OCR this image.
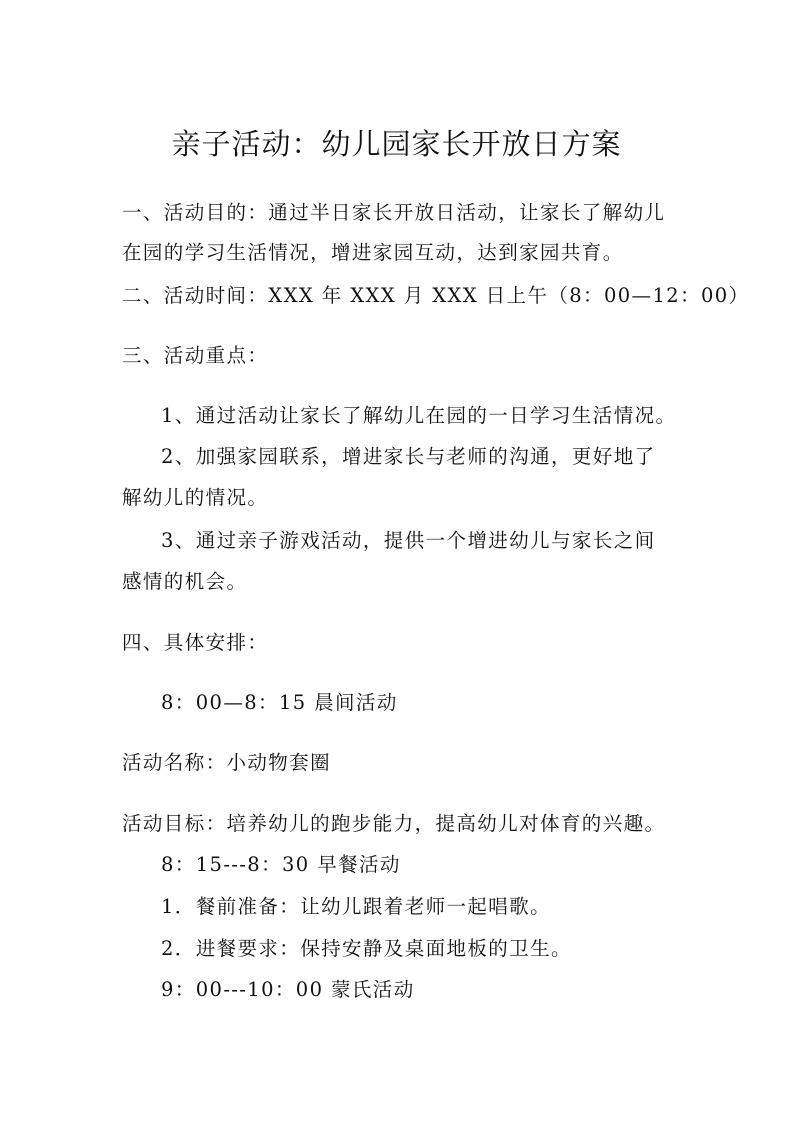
亲子活动：幼儿园家长开放日方案
一、活动目的：通过半日家长开放日活动，让家长了解幼儿
在园的学习生活情况，增进家园互动，达到家园共育。
二、活动时间：XXX 年 XXX 月 XXX 日上午（8：00—12：00）
三、活动重点：
1、通过活动让家长了解幼儿在园的一日学习生活情况。
2、加强家园联系，增进家长与老师的沟通，更好地了
解幼儿的情况。
3、通过亲子游戏活动，提供一个增进幼儿与家长之间
感情的机会。
四、具体安排：
8：00—8：15 晨间活动
活动名称：小动物套圈
活动目标：培养幼儿的跑步能力，提高幼儿对体育的兴趣。
8：15---8：30 早餐活动
1．餐前准备：让幼儿跟着老师一起唱歌。
2．进餐要求：保持安静及桌面地板的卫生。
9：00---10：00 蒙氏活动
